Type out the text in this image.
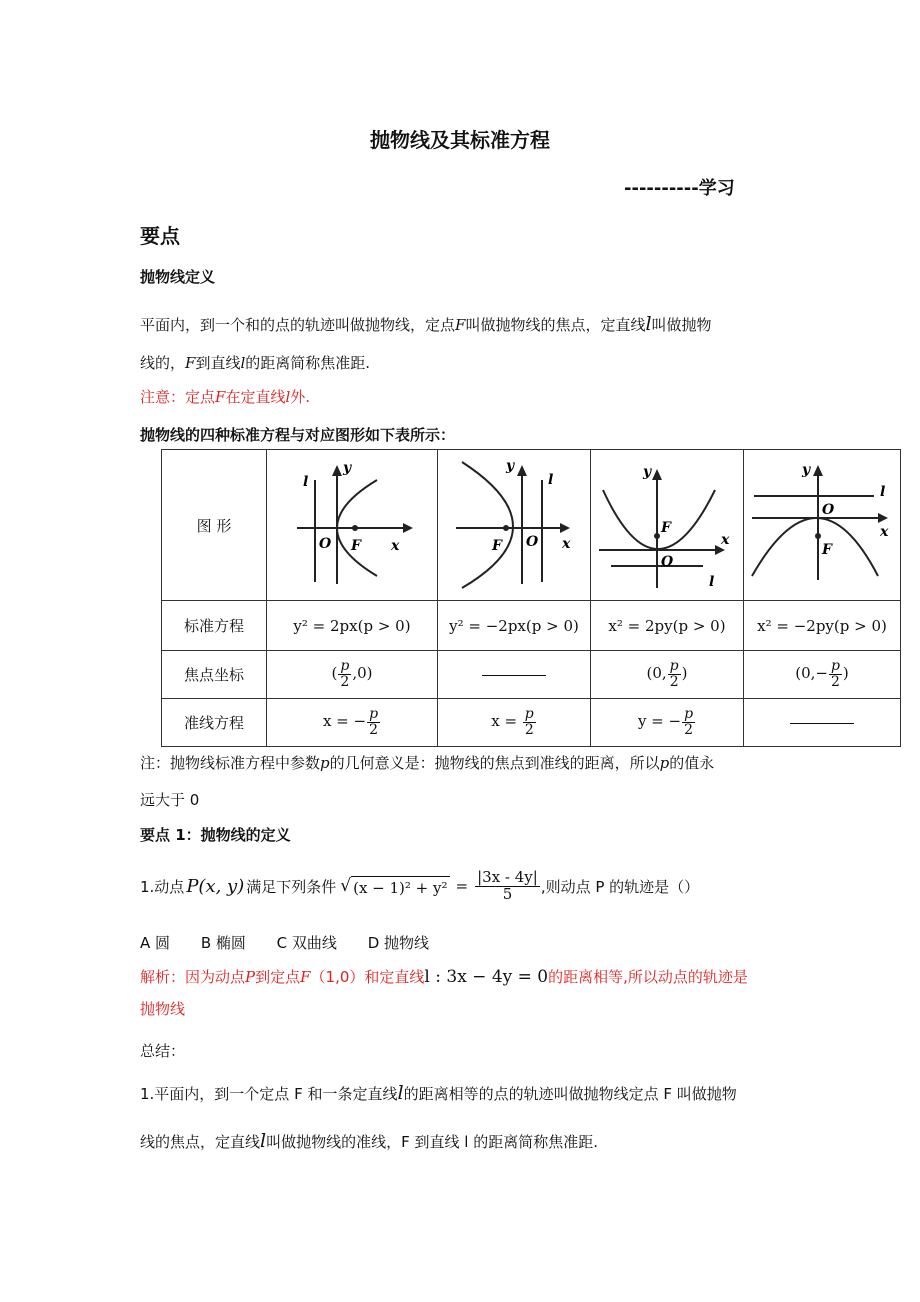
抛物线及其标准方程
----------学习
要点
抛物线定义
平面内，到一个和的点的轨迹叫做抛物线，定点F叫做抛物线的焦点，定直线l叫做抛物
线的，F到直线l的距离简称焦准距.
注意：定点F在定直线l外.
抛物线的四种标准方程与对应图形如下表所示：
图 形	y
l
O F x	y
l
O
F x	y
F
O
x
l	y
l
O
F
x

标准方程	y² = 2px(p > 0)	y² = −2px(p > 0)	x² = 2py(p > 0)	x² = −2py(p > 0)
焦点坐标	( $\frac{p}{2} ,0$)		(0, $\frac{p}{2}$ )	($0,- \frac{p}{2}$ )
准线方程	x = − $\frac{p}{2}$	$x = \frac{p}{2}$	y = − $\frac{p}{2}$

注：抛物线标准方程中参数p的几何意义是：抛物线的焦点到准线的距离，所以p的值永
远大于 0
要点 1：抛物线的定义
1.动点 P(x, y) 满足下列条件 √ $(x - 1)^2 + y^2 = \frac{|3x - 4y|}{5}$ ,则动点 P 的轨迹是（）
A 圆 B 椭圆 C 双曲线 D 抛物线
解析：因为动点P到定点F（1,0）和定直线l : 3x − 4y = 0的距离相等,所以动点的轨迹是
抛物线
总结：
1.平面内，到一个定点 F 和一条定直线l的距离相等的点的轨迹叫做抛物线定点 F 叫做抛物
线的焦点，定直线l叫做抛物线的准线，F 到直线 l 的距离简称焦准距.
